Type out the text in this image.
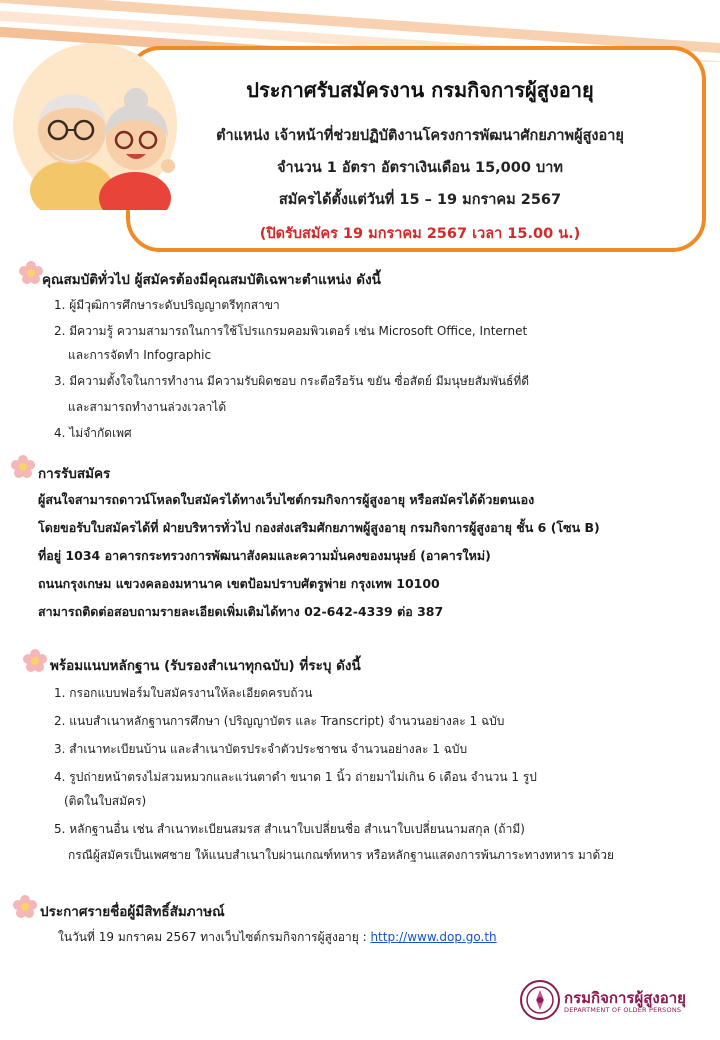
ประกาศรับสมัครงาน กรมกิจการผู้สูงอายุ
ตำแหน่ง เจ้าหน้าที่ช่วยปฏิบัติงานโครงการพัฒนาศักยภาพผู้สูงอายุ
จำนวน 1 อัตรา อัตราเงินเดือน 15,000 บาท
สมัครได้ตั้งแต่วันที่ 15 – 19 มกราคม 2567
(ปิดรับสมัคร 19 มกราคม 2567 เวลา 15.00 น.)
คุณสมบัติทั่วไป ผู้สมัครต้องมีคุณสมบัติเฉพาะตำแหน่ง ดังนี้
1. ผู้มีวุฒิการศึกษาระดับปริญญาตรีทุกสาขา
2. มีความรู้ ความสามารถในการใช้โปรแกรมคอมพิวเตอร์ เช่น Microsoft Office, Internet
และการจัดทำ Infographic
3. มีความตั้งใจในการทำงาน มีความรับผิดชอบ กระตือรือร้น ขยัน ซื่อสัตย์ มีมนุษยสัมพันธ์ที่ดี
และสามารถทำงานล่วงเวลาได้
4. ไม่จำกัดเพศ
การรับสมัคร
ผู้สนใจสามารถดาวน์โหลดใบสมัครได้ทางเว็บไซต์กรมกิจการผู้สูงอายุ หรือสมัครได้ด้วยตนเอง
โดยขอรับใบสมัครได้ที่ ฝ่ายบริหารทั่วไป กองส่งเสริมศักยภาพผู้สูงอายุ กรมกิจการผู้สูงอายุ ชั้น 6 (โซน B)
ที่อยู่ 1034 อาคารกระทรวงการพัฒนาสังคมและความมั่นคงของมนุษย์ (อาคารใหม่)
ถนนกรุงเกษม แขวงคลองมหานาค เขตป้อมปราบศัตรูพ่าย กรุงเทพ 10100
สามารถติดต่อสอบถามรายละเอียดเพิ่มเติมได้ทาง 02-642-4339 ต่อ 387
พร้อมแนบหลักฐาน (รับรองสำเนาทุกฉบับ) ที่ระบุ ดังนี้
1. กรอกแบบฟอร์มใบสมัครงานให้ละเอียดครบถ้วน
2. แนบสำเนาหลักฐานการศึกษา (ปริญญาบัตร และ Transcript) จำนวนอย่างละ 1 ฉบับ
3. สำเนาทะเบียนบ้าน และสำเนาบัตรประจำตัวประชาชน จำนวนอย่างละ 1 ฉบับ
4. รูปถ่ายหน้าตรงไม่สวมหมวกและแว่นตาดำ ขนาด 1 นิ้ว ถ่ายมาไม่เกิน 6 เดือน จำนวน 1 รูป
(ติดในใบสมัคร)
5. หลักฐานอื่น เช่น สำเนาทะเบียนสมรส สำเนาใบเปลี่ยนชื่อ สำเนาใบเปลี่ยนนามสกุล (ถ้ามี)
กรณีผู้สมัครเป็นเพศชาย ให้แนบสำเนาใบผ่านเกณฑ์ทหาร หรือหลักฐานแสดงการพ้นภาระทางทหาร มาด้วย
ประกาศรายชื่อผู้มีสิทธิ์สัมภาษณ์
ในวันที่ 19 มกราคม 2567 ทางเว็บไซต์กรมกิจการผู้สูงอายุ : http://www.dop.go.th
กรมกิจการผู้สูงอายุ
DEPARTMENT OF OLDER PERSONS
